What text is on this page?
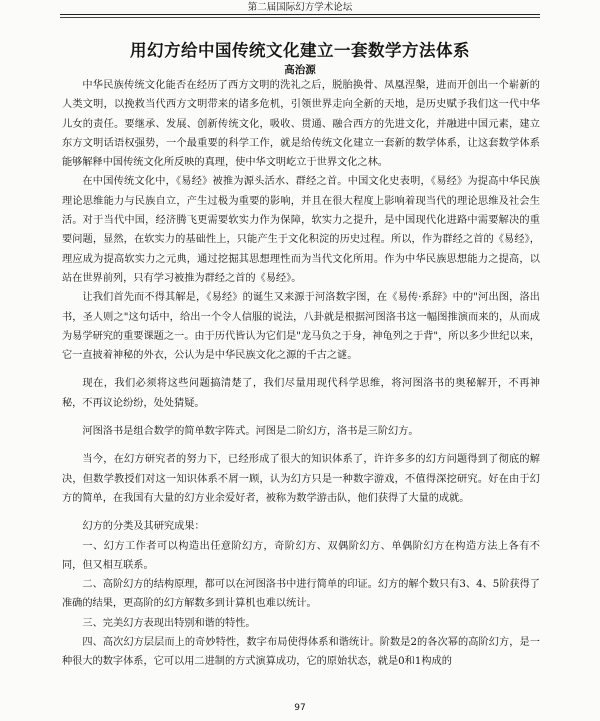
第二届国际幻方学术论坛
用幻方给中国传统文化建立一套数学方法体系
高治源

中华民族传统文化能否在经历了西方文明的洗礼之后，脱胎换骨、凤凰涅槃，进而开创出一个崭新的人类文明，以挽救当代西方文明带来的诸多危机，引领世界走向全新的天地，是历史赋予我们这一代中华儿女的责任。要继承、发展、创新传统文化，吸收、贯通、融合西方的先进文化，并融进中国元素，建立东方文明话语权强势，一个最重要的科学工作，就是给传统文化建立一套新的数学体系，让这套数学体系能够解释中国传统文化所反映的真理，使中华文明屹立于世界文化之林。

在中国传统文化中，《易经》被推为源头活水、群经之首。中国文化史表明，《易经》为提高中华民族理论思维能力与民族自立，产生过极为重要的影响，并且在很大程度上影响着现当代的理论思维及社会生活。对于当代中国，经济腾飞更需要软实力作为保障，软实力之提升，是中国现代化进路中需要解决的重要问题，显然，在软实力的基础性上，只能产生于文化积淀的历史过程。所以，作为群经之首的《易经》，理应成为提高软实力之元典，通过挖掘其思想理性而为当代文化所用。作为中华民族思想能力之提高，以站在世界前列，只有学习被推为群经之首的《易经》。

让我们首先而不得其解是，《易经》的诞生又来源于河洛数字图，在《易传·系辞》中的"河出图，洛出书，圣人则之"这句话中，给出一个令人信服的说法，八卦就是根据河图洛书这一幅图推演而来的，从而成为易学研究的重要课题之一。由于历代皆认为它们是"龙马负之于身，神龟列之于背"，所以多少世纪以来，它一直披着神秘的外衣，公认为是中华民族文化之源的千古之谜。

现在，我们必须将这些问题搞清楚了，我们尽量用现代科学思维，将河图洛书的奥秘解开，不再神秘，不再议论纷纷，处处猜疑。

河图洛书是组合数学的简单数字阵式。河图是二阶幻方，洛书是三阶幻方。

当今，在幻方研究者的努力下，已经形成了很大的知识体系了，许许多多的幻方问题得到了彻底的解决，但数学教授们对这一知识体系不屑一顾，认为幻方只是一种数字游戏，不值得深挖研究。好在由于幻方的简单，在我国有大量的幻方业余爱好者，被称为数学游击队，他们获得了大量的成就。

幻方的分类及其研究成果：

一、幻方工作者可以构造出任意阶幻方，奇阶幻方、双偶阶幻方、单偶阶幻方在构造方法上各有不同，但又相互联系。

二、高阶幻方的结构原理，都可以在河图洛书中进行简单的印证。幻方的解个数只有3、4、5阶获得了准确的结果，更高阶的幻方解数多到计算机也难以统计。

三、完美幻方表现出特别和谐的特性。

四、高次幻方层层而上的奇妙特性，数字布局使得体系和谐统计。阶数是2的各次幂的高阶幻方，是一种很大的数字体系，它可以用二进制的方式演算成功，它的原始状态，就是0和1构成的

97
